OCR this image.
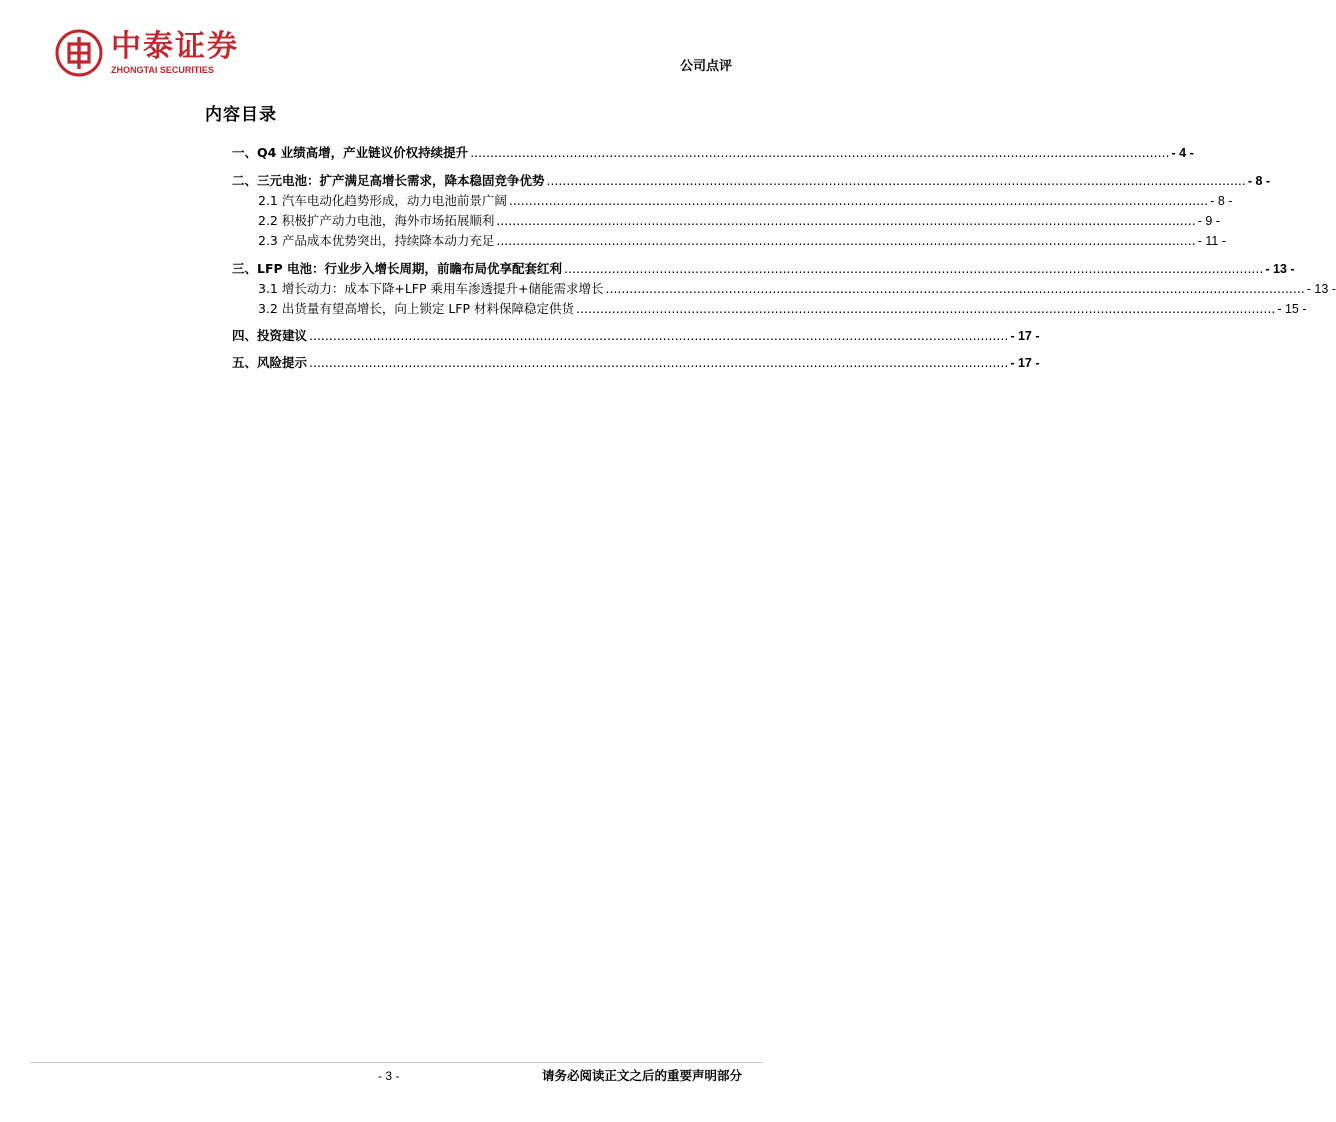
中泰证券
ZHONGTAI SECURITIES	公司点评
内容目录
一、Q4 业绩高增，产业链议价权持续提升 ................................................................................................................................................................................ - 4 -
二、三元电池：扩产满足高增长需求，降本稳固竞争优势 ................................................................................................................................................................................ - 8 -
2.1 汽车电动化趋势形成，动力电池前景广阔 ................................................................................................................................................................................ - 8 -
2.2 积极扩产动力电池，海外市场拓展顺利 ................................................................................................................................................................................ - 9 -
2.3 产品成本优势突出，持续降本动力充足 ................................................................................................................................................................................ - 11 -
三、LFP 电池：行业步入增长周期，前瞻布局优享配套红利 ................................................................................................................................................................................ - 13 -
3.1 增长动力：成本下降+LFP 乘用车渗透提升+储能需求增长 ................................................................................................................................................................................ - 13 -
3.2 出货量有望高增长，向上锁定 LFP 材料保障稳定供货 ................................................................................................................................................................................ - 15 -
四、投资建议 ................................................................................................................................................................................ - 17 -
五、风险提示 ................................................................................................................................................................................ - 17 -
- 3 -	请务必阅读正文之后的重要声明部分
